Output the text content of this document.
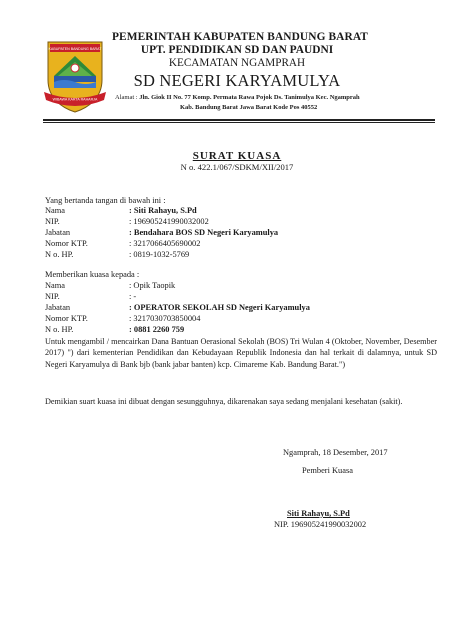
KABUPATEN BANDUNG BARAT
WIBAWA KARTA RAHARJA
PEMERINTAH KABUPATEN BANDUNG BARAT
UPT. PENDIDIKAN SD DAN PAUDNI
KECAMATAN NGAMPRAH
SD NEGERI KARYAMULYA
Alamat : Jln. Giok II No. 77 Komp. Permata Rawa Pojok Ds. Tanimulya Kec. Ngamprah
Kab. Bandung Barat Jawa Barat Kode Pos 40552
SURAT KUASA
N o. 422.1/067/SDKM/XII/2017
Yang bertanda tangan di bawah ini :
Nama	: Siti Rahayu, S.Pd
NIP.	: 196905241990032002
Jabatan	: Bendahara BOS SD Negeri Karyamulya
Nomor KTP.	: 3217066405690002
N o. HP.	: 0819-1032-5769
Memberikan kuasa kepada :
Nama	: Opik Taopik
NIP.	: -
Jabatan	: OPERATOR SEKOLAH SD Negeri Karyamulya
Nomor KTP.	: 3217030703850004
N o. HP.	: 0881 2260 759
Untuk mengambil / mencairkan Dana Bantuan Oerasional Sekolah (BOS) Tri Wulan 4 (Oktober, November, Desember 2017) ") dari kementerian Pendidikan dan Kebudayaan Republik Indonesia dan hal terkait di dalamnya, untuk SD Negeri Karyamulya di Bank bjb (bank jabar banten) kcp. Cimareme Kab. Bandung Barat.")
Demikian suart kuasa ini dibuat dengan sesungguhnya, dikarenakan saya sedang menjalani kesehatan (sakit).
Ngamprah, 18 Desember, 2017
Pemberi Kuasa
Siti Rahayu, S.Pd
NIP. 196905241990032002
